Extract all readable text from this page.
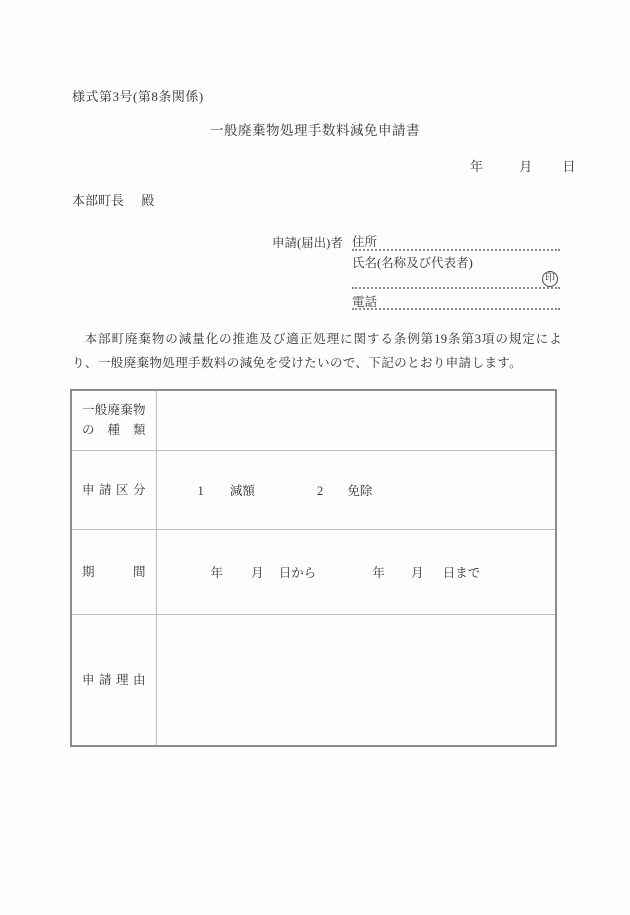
様式第3号(第8条関係)
一般廃棄物処理手数料減免申請書
年	月 日
本部町長 殿
申請(届出)者 住所
氏名(名称及び代表者)
印
電話
本部町廃棄物の減量化の推進及び適正処理に関する条例第19条第3項の規定により、一般廃棄物処理手数料の減免を受けたいので、下記のとおり申請します。
一般廃棄物
の種類	

申請区分	1 減額 2 免除

期間	年 月 日から 年 月 日まで

申請理由	
